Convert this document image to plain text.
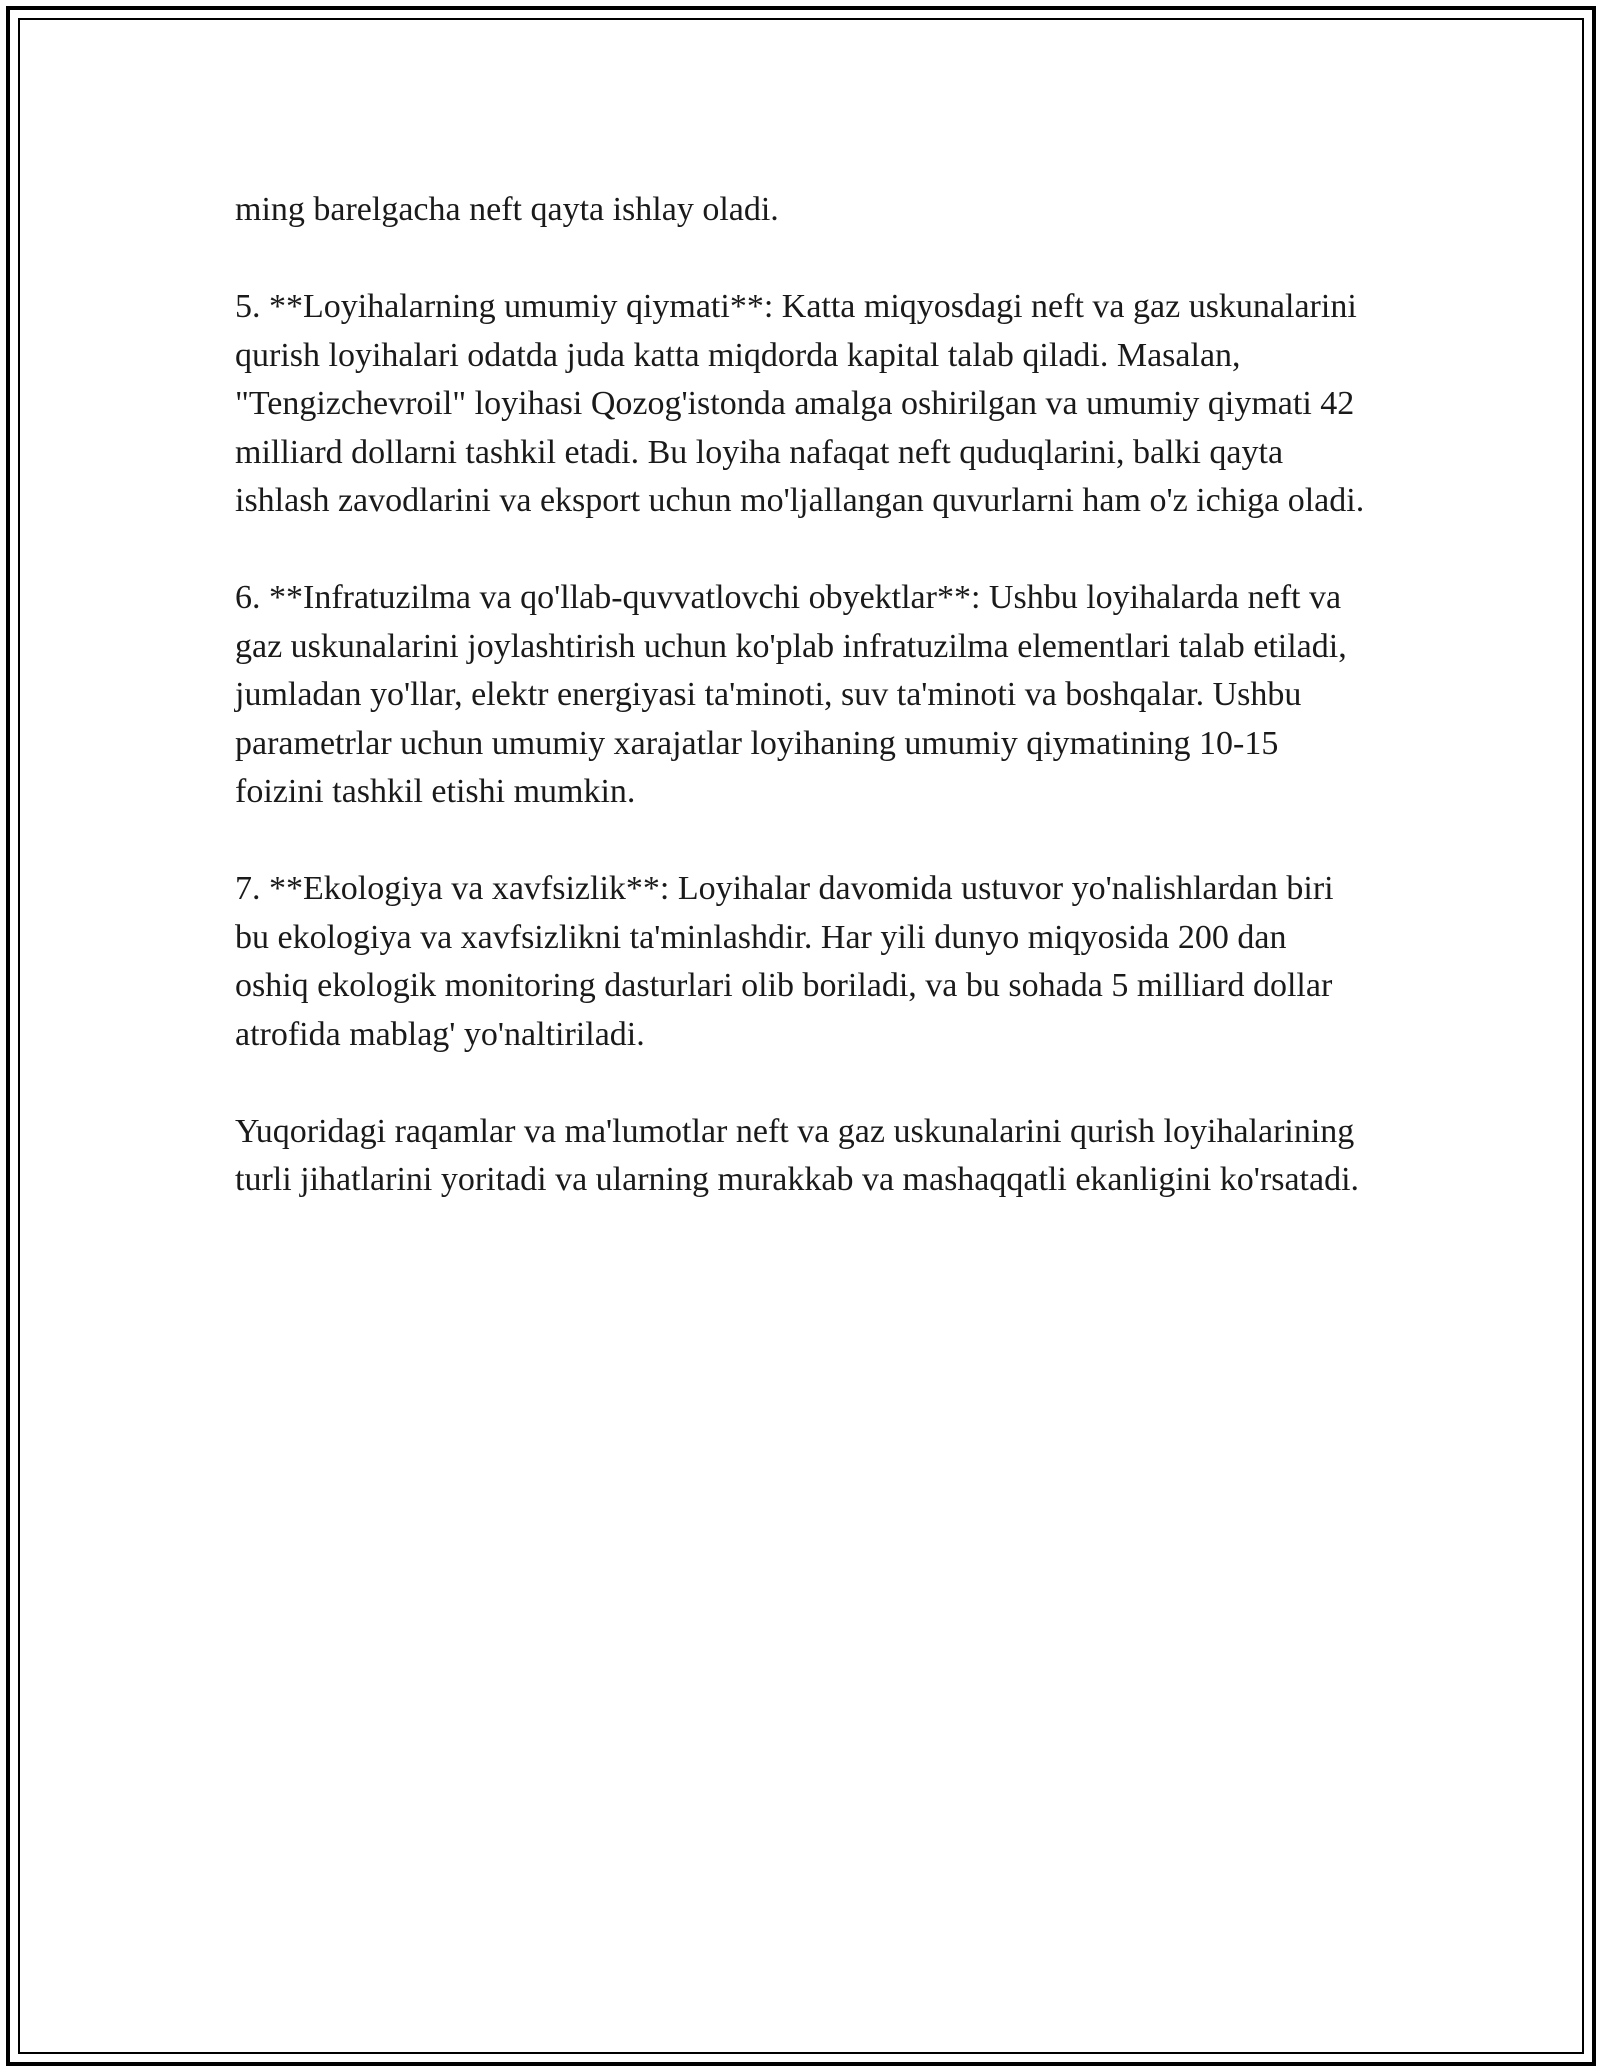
ming barelgacha neft qayta ishlay oladi.

5. **Loyihalarning umumiy qiymati**: Katta miqyosdagi neft va gaz uskunalarini qurish loyihalari odatda juda katta miqdorda kapital talab qiladi. Masalan, "Tengizchevroil" loyihasi Qozog'istonda amalga oshirilgan va umumiy qiymati 42 milliard dollarni tashkil etadi. Bu loyiha nafaqat neft quduqlarini, balki qayta ishlash zavodlarini va eksport uchun mo'ljallangan quvurlarni ham o'z ichiga oladi.

6. **Infratuzilma va qo'llab-quvvatlovchi obyektlar**: Ushbu loyihalarda neft va gaz uskunalarini joylashtirish uchun ko'plab infratuzilma elementlari talab etiladi, jumladan yo'llar, elektr energiyasi ta'minoti, suv ta'minoti va boshqalar. Ushbu parametrlar uchun umumiy xarajatlar loyihaning umumiy qiymatining 10-15 foizini tashkil etishi mumkin.

7. **Ekologiya va xavfsizlik**: Loyihalar davomida ustuvor yo'nalishlardan biri bu ekologiya va xavfsizlikni ta'minlashdir. Har yili dunyo miqyosida 200 dan oshiq ekologik monitoring dasturlari olib boriladi, va bu sohada 5 milliard dollar atrofida mablag' yo'naltiriladi.

Yuqoridagi raqamlar va ma'lumotlar neft va gaz uskunalarini qurish loyihalarining turli jihatlarini yoritadi va ularning murakkab va mashaqqatli ekanligini ko'rsatadi.
